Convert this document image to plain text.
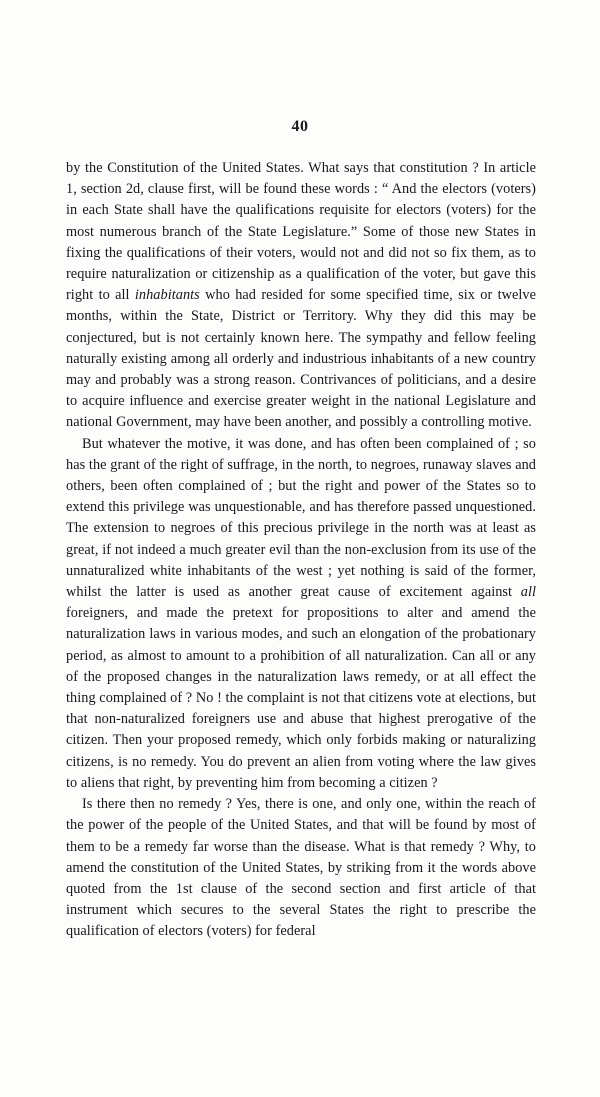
40

by the Constitution of the United States. What says that constitution ? In article 1, section 2d, clause first, will be found these words : “ And the electors (voters) in each State shall have the qualifications requisite for electors (voters) for the most numerous branch of the State Legislature.” Some of those new States in fixing the qualifications of their voters, would not and did not so fix them, as to require naturalization or citizenship as a qualification of the voter, but gave this right to all inhabitants who had resided for some specified time, six or twelve months, within the State, District or Territory. Why they did this may be conjectured, but is not certainly known here. The sympathy and fellow feeling naturally existing among all orderly and industrious inhabitants of a new country may and probably was a strong reason. Contrivances of politicians, and a desire to acquire influence and exercise greater weight in the national Legislature and national Government, may have been another, and possibly a controlling motive.

But whatever the motive, it was done, and has often been complained of ; so has the grant of the right of suffrage, in the north, to negroes, runaway slaves and others, been often complained of ; but the right and power of the States so to extend this privilege was unquestionable, and has therefore passed unquestioned. The extension to negroes of this precious privilege in the north was at least as great, if not indeed a much greater evil than the non-exclusion from its use of the unnaturalized white inhabitants of the west ; yet nothing is said of the former, whilst the latter is used as another great cause of excitement against all foreigners, and made the pretext for propositions to alter and amend the naturalization laws in various modes, and such an elongation of the probationary period, as almost to amount to a prohibition of all naturalization. Can all or any of the proposed changes in the naturalization laws remedy, or at all effect the thing complained of ? No ! the complaint is not that citizens vote at elections, but that non-naturalized foreigners use and abuse that highest prerogative of the citizen. Then your proposed remedy, which only forbids making or naturalizing citizens, is no remedy. You do prevent an alien from voting where the law gives to aliens that right, by preventing him from becoming a citizen ?

Is there then no remedy ? Yes, there is one, and only one, within the reach of the power of the people of the United States, and that will be found by most of them to be a remedy far worse than the disease. What is that remedy ? Why, to amend the constitution of the United States, by striking from it the words above quoted from the 1st clause of the second section and first article of that instrument which secures to the several States the right to prescribe the qualification of electors (voters) for federal
